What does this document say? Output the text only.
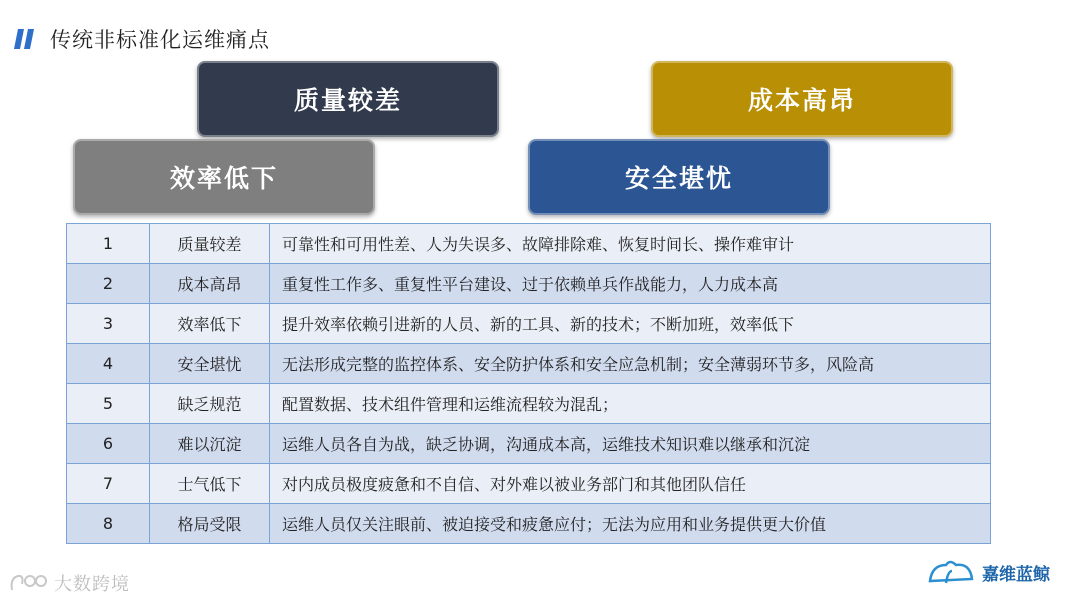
传统非标准化运维痛点
质量较差	成本高昂
效率低下	安全堪忧
1	质量较差	可靠性和可用性差、人为失误多、故障排除难、恢复时间长、操作难审计
2	成本高昂	重复性工作多、重复性平台建设、过于依赖单兵作战能力，人力成本高
3	效率低下	提升效率依赖引进新的人员、新的工具、新的技术；不断加班，效率低下
4	安全堪忧	无法形成完整的监控体系、安全防护体系和安全应急机制；安全薄弱环节多，风险高
5	缺乏规范	配置数据、技术组件管理和运维流程较为混乱；
6	难以沉淀	运维人员各自为战，缺乏协调，沟通成本高，运维技术知识难以继承和沉淀
7	士气低下	对内成员极度疲惫和不自信、对外难以被业务部门和其他团队信任
8	格局受限	运维人员仅关注眼前、被迫接受和疲惫应付；无法为应用和业务提供更大价值
大数跨境	嘉维蓝鲸
